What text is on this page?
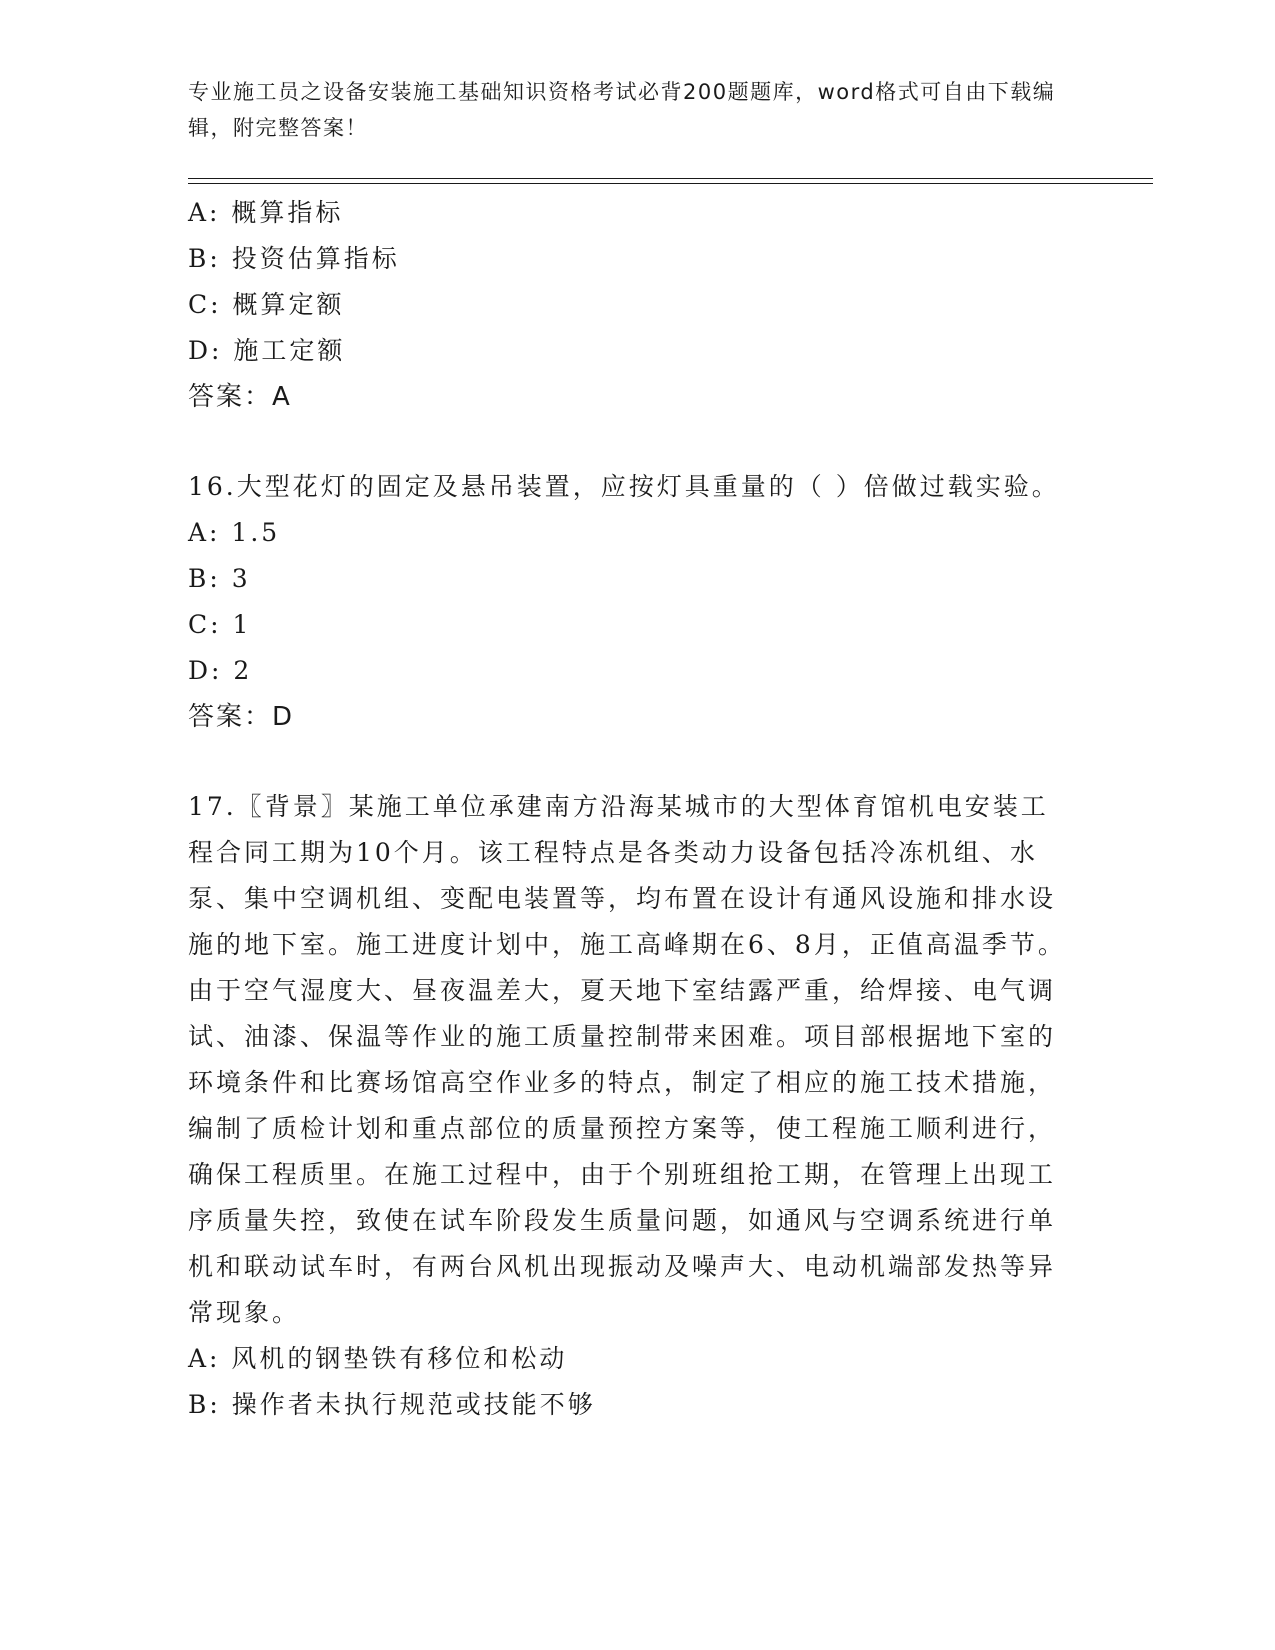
专业施工员之设备安装施工基础知识资格考试必背200题题库，word格式可自由下载编辑，附完整答案！
A: 概算指标
B: 投资估算指标
C: 概算定额
D: 施工定额
答案：A
16.大型花灯的固定及悬吊装置，应按灯具重量的（ ）倍做过载实验。
A: 1.5
B: 3
C: 1
D: 2
答案：D
17.〖背景〗某施工单位承建南方沿海某城市的大型体育馆机电安装工程合同工期为10个月。该工程特点是各类动力设备包括冷冻机组、水泵、集中空调机组、变配电装置等，均布置在设计有通风设施和排水设施的地下室。施工进度计划中，施工高峰期在6、8月，正值高温季节。由于空气湿度大、昼夜温差大，夏天地下室结露严重，给焊接、电气调试、油漆、保温等作业的施工质量控制带来困难。项目部根据地下室的环境条件和比赛场馆高空作业多的特点，制定了相应的施工技术措施，编制了质检计划和重点部位的质量预控方案等，使工程施工顺利进行，确保工程质里。在施工过程中，由于个别班组抢工期，在管理上出现工序质量失控，致使在试车阶段发生质量问题，如通风与空调系统进行单机和联动试车时，有两台风机出现振动及噪声大、电动机端部发热等异常现象。
A: 风机的钢垫铁有移位和松动
B: 操作者未执行规范或技能不够
